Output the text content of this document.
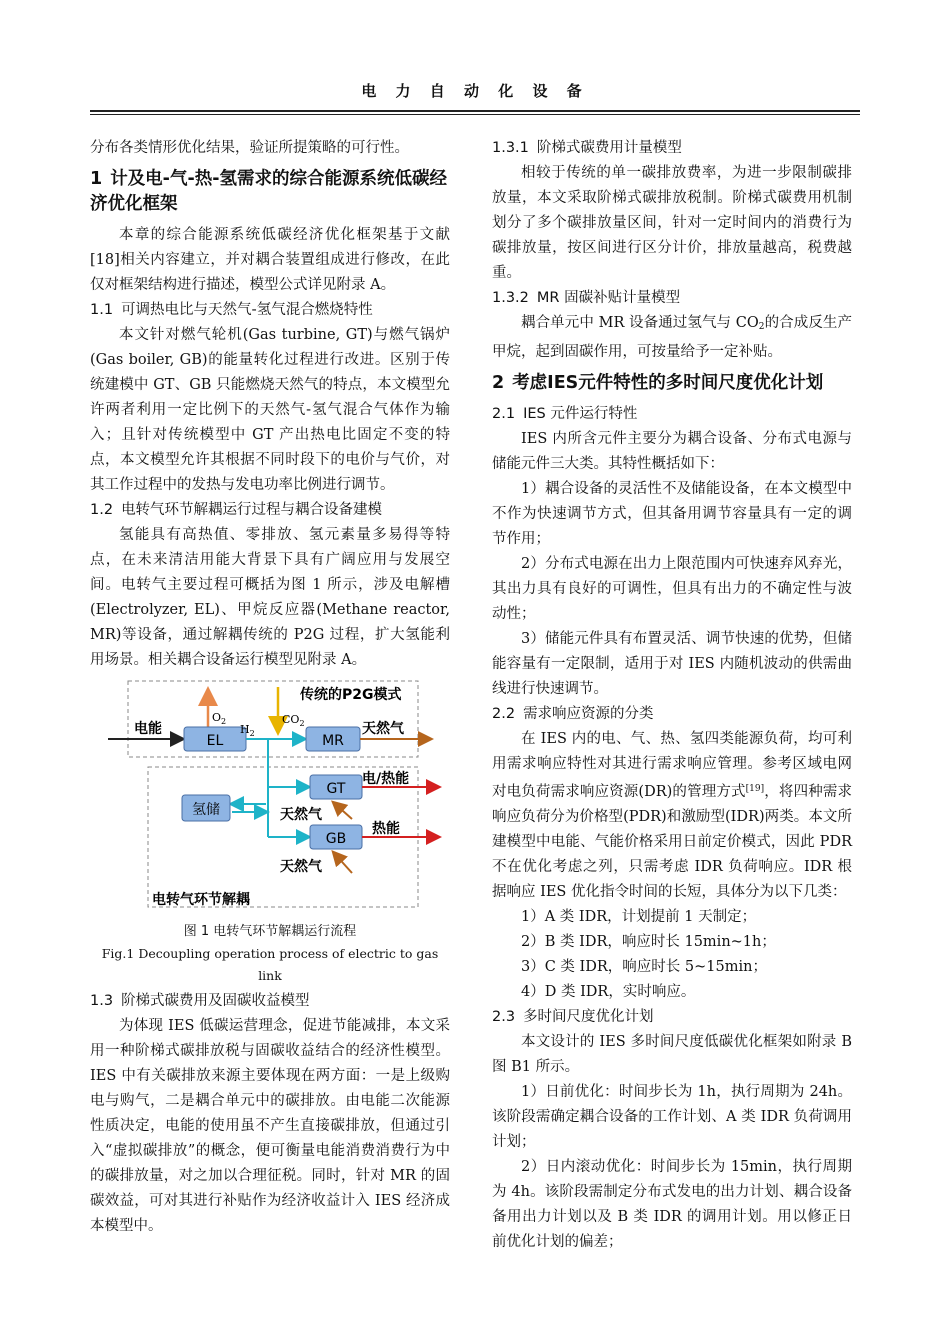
电 力 自 动 化 设 备

分布各类情形优化结果，验证所提策略的可行性。

1 计及电-气-热-氢需求的综合能源系统低碳经济优化框架

本章的综合能源系统低碳经济优化框架基于文献[18]相关内容建立，并对耦合装置组成进行修改，在此仅对框架结构进行描述，模型公式详见附录 A。

1.1 可调热电比与天然气-氢气混合燃烧特性

本文针对燃气轮机(Gas turbine, GT)与燃气锅炉(Gas boiler, GB)的能量转化过程进行改进。区别于传统建模中 GT、GB 只能燃烧天然气的特点，本文模型允许两者利用一定比例下的天然气-氢气混合气体作为输入；且针对传统模型中 GT 产出热电比固定不变的特点，本文模型允许其根据不同时段下的电价与气价，对其工作过程中的发热与发电功率比例进行调节。

1.2 电转气环节解耦运行过程与耦合设备建模

氢能具有高热值、零排放、氢元素量多易得等特点，在未来清洁用能大背景下具有广阔应用与发展空间。电转气主要过程可概括为图 1 所示，涉及电解槽(Electrolyzer, EL)、甲烷反应器(Methane reactor, MR)等设备，通过解耦传统的 P2G 过程，扩大氢能利用场景。相关耦合设备运行模型见附录 A。

传统的P2G模式
电转气环节解耦
电能
$O_2$
EL
$H_2$
$CO_2$
MR
天然气
氢储
GT
电/热能
天然气
GB
热能
天然气

图 1 电转气环节解耦运行流程

Fig.1 Decoupling operation process of electric to gas link

1.3 阶梯式碳费用及固碳收益模型

为体现 IES 低碳运营理念，促进节能减排，本文采用一种阶梯式碳排放税与固碳收益结合的经济性模型。IES 中有关碳排放来源主要体现在两方面：一是上级购电与购气，二是耦合单元中的碳排放。由电能二次能源性质决定，电能的使用虽不产生直接碳排放，但通过引入“虚拟碳排放”的概念，便可衡量电能消费消费行为中的碳排放量，对之加以合理征税。同时，针对 MR 的固碳效益，可对其进行补贴作为经济收益计入 IES 经济成本模型中。

1.3.1 阶梯式碳费用计量模型

相较于传统的单一碳排放费率，为进一步限制碳排放量，本文采取阶梯式碳排放税制。阶梯式碳费用机制划分了多个碳排放量区间，针对一定时间内的消费行为碳排放量，按区间进行区分计价，排放量越高，税费越重。

1.3.2 MR 固碳补贴计量模型

耦合单元中 MR 设备通过氢气与 $CO_2$的合成反生产甲烷，起到固碳作用，可按量给予一定补贴。

2 考虑IES元件特性的多时间尺度优化计划
2.1 IES 元件运行特性

IES 内所含元件主要分为耦合设备、分布式电源与储能元件三大类。其特性概括如下：

1）耦合设备的灵活性不及储能设备，在本文模型中不作为快速调节方式，但其备用调节容量具有一定的调节作用；

2）分布式电源在出力上限范围内可快速弃风弃光，其出力具有良好的可调性，但具有出力的不确定性与波动性；

3）储能元件具有布置灵活、调节快速的优势，但储能容量有一定限制，适用于对 IES 内随机波动的供需曲线进行快速调节。

2.2 需求响应资源的分类

在 IES 内的电、气、热、氢四类能源负荷，均可利用需求响应特性对其进行需求响应管理。参考区域电网对电负荷需求响应资源(DR)的管理方式[19]，将四种需求响应负荷分为价格型(PDR)和激励型(IDR)两类。本文所建模型中电能、气能价格采用日前定价模式，因此 PDR 不在优化考虑之列，只需考虑 IDR 负荷响应。IDR 根据响应 IES 优化指令时间的长短，具体分为以下几类：

1）A 类 IDR，计划提前 1 天制定；

2）B 类 IDR，响应时长 15min~1h；

3）C 类 IDR，响应时长 5~15min；

4）D 类 IDR，实时响应。

2.3 多时间尺度优化计划

本文设计的 IES 多时间尺度低碳优化框架如附录 B 图 B1 所示。

1）日前优化：时间步长为 1h，执行周期为 24h。该阶段需确定耦合设备的工作计划、A 类 IDR 负荷调用计划；

2）日内滚动优化：时间步长为 15min，执行周期为 4h。该阶段需制定分布式发电的出力计划、耦合设备备用出力计划以及 B 类 IDR 的调用计划。用以修正日前优化计划的偏差；
